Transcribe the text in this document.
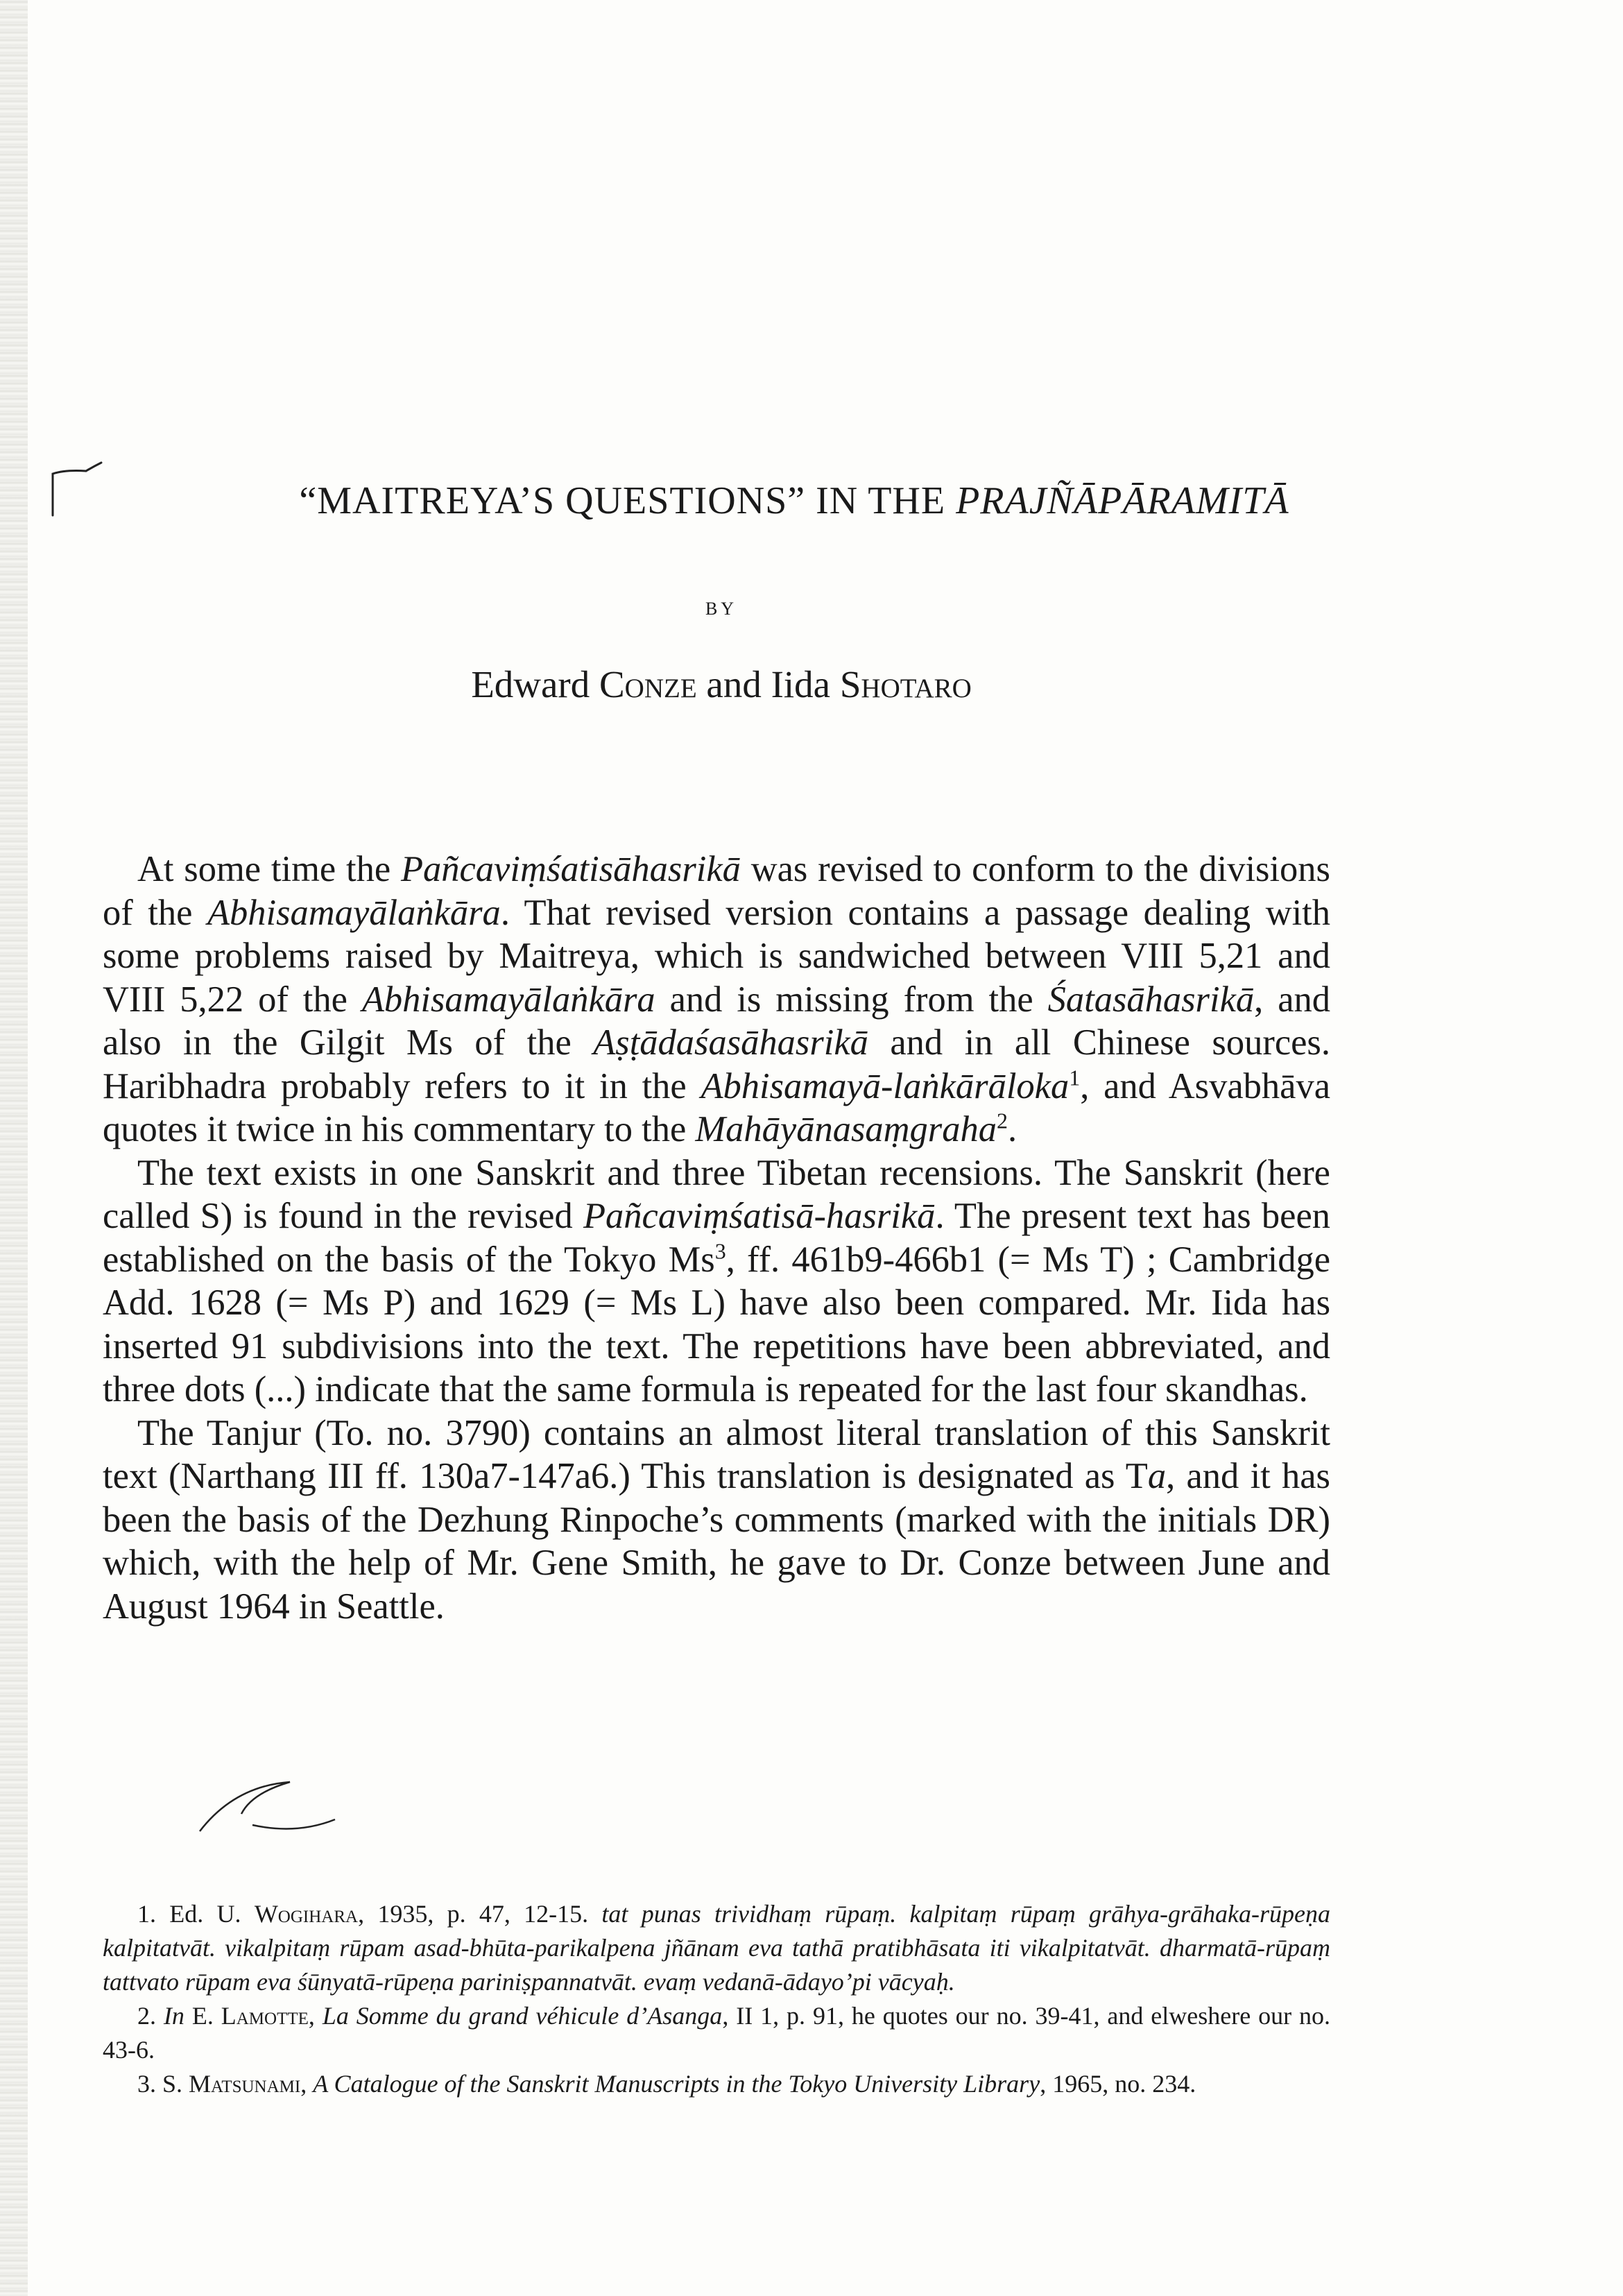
“MAITREYA’S QUESTIONS” IN THE PRAJÑĀPĀRAMITĀ
BY
Edward Conze and Iida Shotaro

At some time the Pañcaviṃśatisāhasrikā was revised to conform to the divisions of the Abhisamayālaṅkāra. That revised version contains a passage dealing with some problems raised by Maitreya, which is sandwiched between VIII 5,21 and VIII 5,22 of the Abhisamayālaṅkāra and is missing from the Śatasāhasrikā, and also in the Gilgit Ms of the Aṣṭādaśasāhasrikā and in all Chinese sources. Haribhadra probably refers to it in the Abhisamayā-laṅkārāloka$^1$, and Asvabhāva quotes it twice in his commentary to the Mahāyānasaṃgraha$^2$.

The text exists in one Sanskrit and three Tibetan recensions. The Sanskrit (here called S) is found in the revised Pañcaviṃśatisā-hasrikā. The present text has been established on the basis of the Tokyo Ms$^3$, ff. 461b9-466b1 (= Ms T) ; Cambridge Add. 1628 (= Ms P) and 1629 (= Ms L) have also been compared. Mr. Iida has inserted 91 subdivisions into the text. The repetitions have been abbreviated, and three dots (...) indicate that the same formula is repeated for the last four skandhas.

The Tanjur (To. no. 3790) contains an almost literal translation of this Sanskrit text (Narthang III ff. 130a7-147a6.) This translation is designated as Ta, and it has been the basis of the Dezhung Rinpoche’s comments (marked with the initials DR) which, with the help of Mr. Gene Smith, he gave to Dr. Conze between June and August 1964 in Seattle.

1. Ed. U. Wogihara, 1935, p. 47, 12-15. tat punas trividhaṃ rūpaṃ. kalpitaṃ rūpaṃ grāhya-grāhaka-rūpeṇa kalpitatvāt. vikalpitaṃ rūpam asad-bhūta-parikalpena jñānam eva tathā pratibhāsata iti vikalpitatvāt. dharmatā-rūpaṃ tattvato rūpam eva śūnyatā-rūpeṇa pariniṣpannatvāt. evaṃ vedanā-ādayo’pi vācyaḥ.

2. In E. Lamotte, La Somme du grand véhicule d’Asanga, II 1, p. 91, he quotes our no. 39-41, and elweshere our no. 43-6.

3. S. Matsunami, A Catalogue of the Sanskrit Manuscripts in the Tokyo University Library, 1965, no. 234.
